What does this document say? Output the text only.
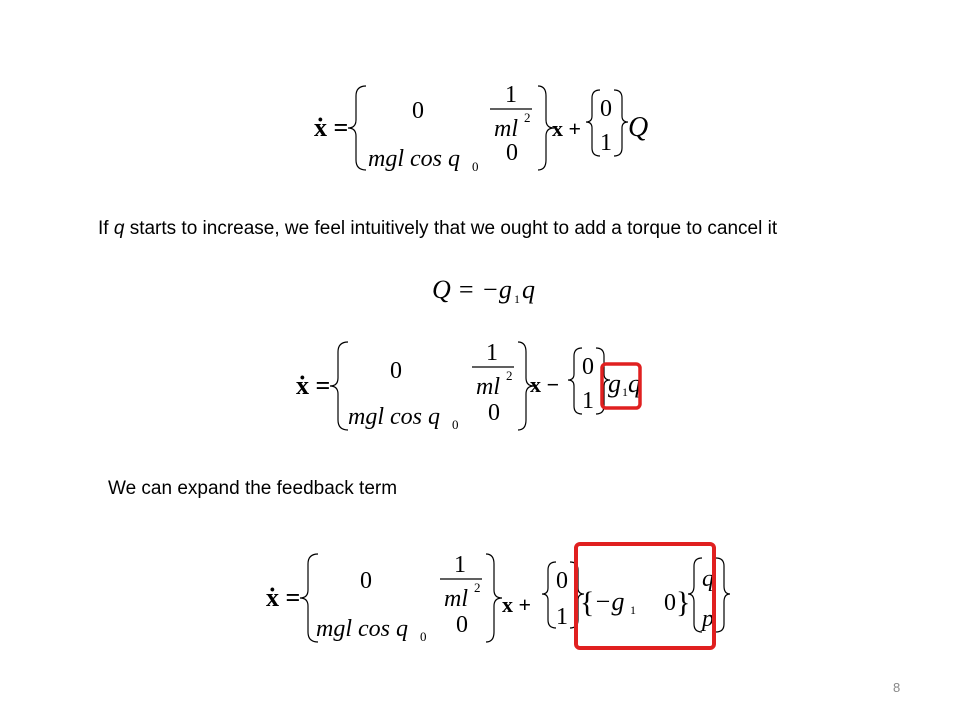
ẋ =
0
1
ml 2
mgl cos q 0
0
x +
0
1 Q
If q starts to increase, we feel intuitively that we ought to add a torque to cancel it
Q = −g 1 q
ẋ = 0
1
ml 2
mgl cos q 0 0
x −
0
1
g 1 q
We can expand the feedback term
ẋ =
0
1
ml 2
mgl cos q 0 0
x +
0
1 { −g 1 0 }
q
p
8
